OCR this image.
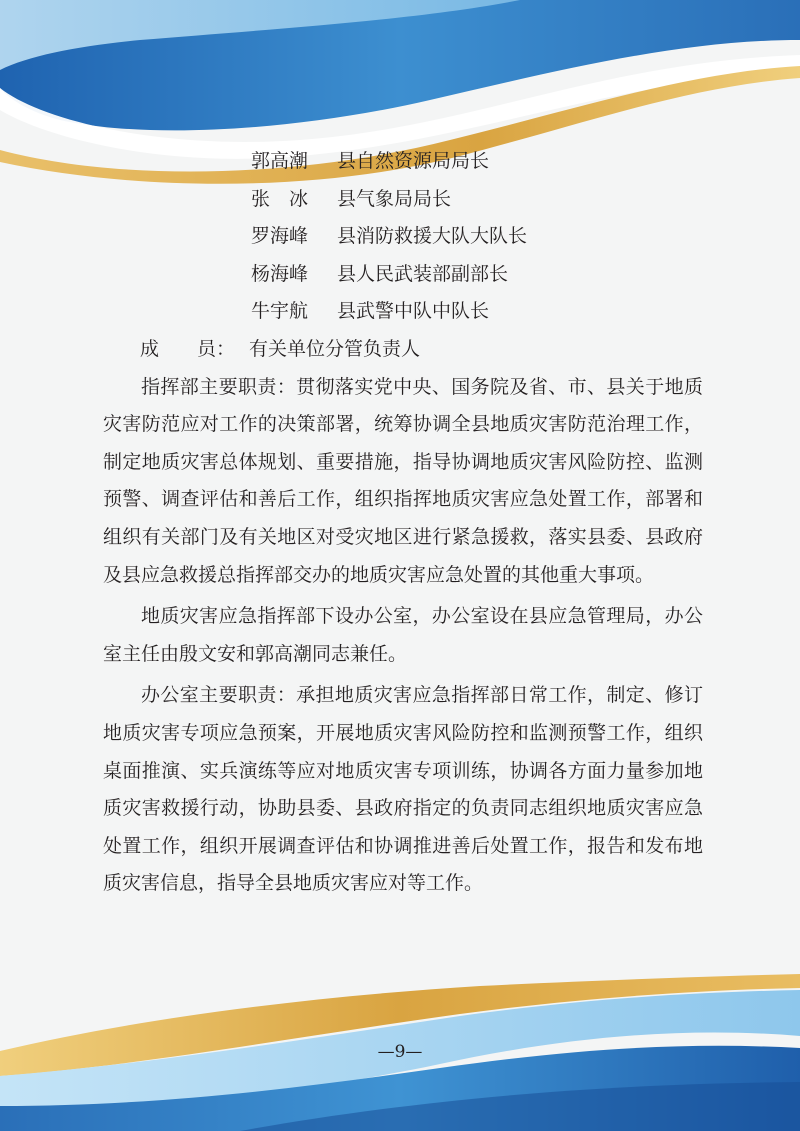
郭高潮 县自然资源局局长
张　冰 县气象局局长
罗海峰 县消防救援大队大队长
杨海峰 县人民武装部副部长
牛宇航 县武警中队中队长
成　　员： 有关单位分管负责人

指挥部主要职责：贯彻落实党中央、国务院及省、市、县关于地质灾害防范应对工作的决策部署，统筹协调全县地质灾害防范治理工作，制定地质灾害总体规划、重要措施，指导协调地质灾害风险防控、监测预警、调查评估和善后工作，组织指挥地质灾害应急处置工作，部署和组织有关部门及有关地区对受灾地区进行紧急援救，落实县委、县政府及县应急救援总指挥部交办的地质灾害应急处置的其他重大事项。

地质灾害应急指挥部下设办公室，办公室设在县应急管理局，办公室主任由殷文安和郭高潮同志兼任。

办公室主要职责：承担地质灾害应急指挥部日常工作，制定、修订地质灾害专项应急预案，开展地质灾害风险防控和监测预警工作，组织桌面推演、实兵演练等应对地质灾害专项训练，协调各方面力量参加地质灾害救援行动，协助县委、县政府指定的负责同志组织地质灾害应急处置工作，组织开展调查评估和协调推进善后处置工作，报告和发布地质灾害信息，指导全县地质灾害应对等工作。

—9—
